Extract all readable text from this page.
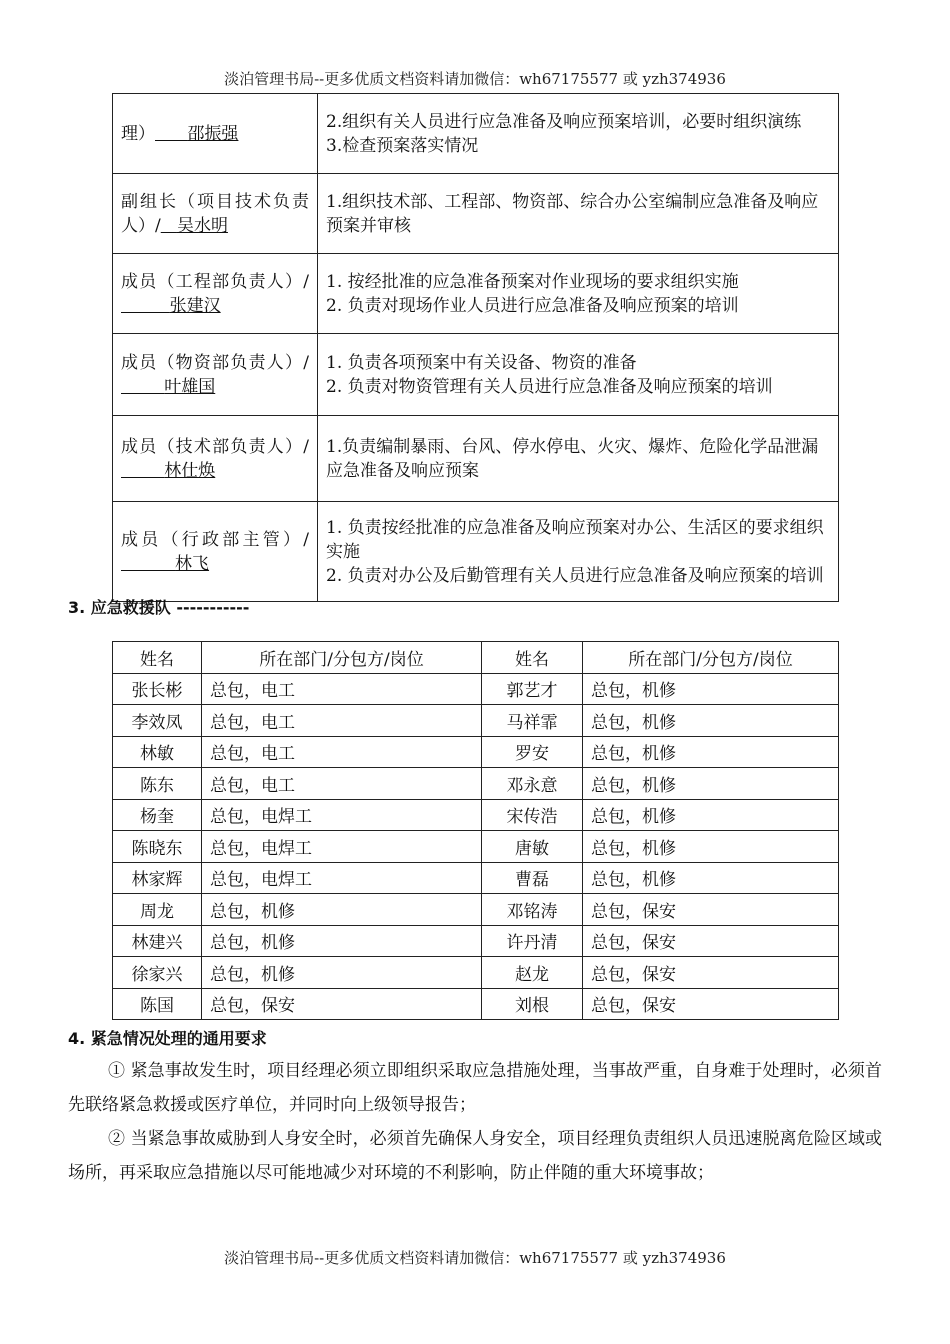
淡泊管理书局--更多优质文档资料请加微信：wh67175577 或 yzh374936
理） 邵振强	2.组织有关人员进行应急准备及响应预案培训，必要时组织演练
3.检查预案落实情况

副组长（项目技术负责人）/ 吴水明	1.组织技术部、工程部、物资部、综合办公室编制应急准备及响应预案并审核

成员（工程部负责人）/         张建汉	1. 按经批准的应急准备预案对作业现场的要求组织实施
2. 负责对现场作业人员进行应急准备及响应预案的培训

成员（物资部负责人）/        叶雄国	1. 负责各项预案中有关设备、物资的准备
2. 负责对物资管理有关人员进行应急准备及响应预案的培训

成员（技术部负责人）/        林仕焕	1.负责编制暴雨、台风、停水停电、火灾、爆炸、危险化学品泄漏应急准备及响应预案

成员（行政部主管）/          林飞	1. 负责按经批准的应急准备及响应预案对办公、生活区的要求组织实施
2. 负责对办公及后勤管理有关人员进行应急准备及响应预案的培训
3. 应急救援队 -----------
姓名	所在部门/分包方/岗位	姓名	所在部门/分包方/岗位
张长彬	总包，电工	郭艺才	总包，机修
李效凤	总包，电工	马祥霏	总包，机修
林敏	总包，电工	罗安	总包，机修
陈东	总包，电工	邓永意	总包，机修
杨奎	总包，电焊工	宋传浩	总包，机修
陈晓东	总包，电焊工	唐敏	总包，机修
林家辉	总包，电焊工	曹磊	总包，机修
周龙	总包，机修	邓铭涛	总包，保安
林建兴	总包，机修	许丹清	总包，保安
徐家兴	总包，机修	赵龙	总包，保安
陈国	总包，保安	刘根	总包，保安
4. 紧急情况处理的通用要求
① 紧急事故发生时，项目经理必须立即组织采取应急措施处理，当事故严重，自身难于处理时，必须首先联络紧急救援或医疗单位，并同时向上级领导报告；
② 当紧急事故威胁到人身安全时，必须首先确保人身安全，项目经理负责组织人员迅速脱离危险区域或场所，再采取应急措施以尽可能地减少对环境的不利影响，防止伴随的重大环境事故；
淡泊管理书局--更多优质文档资料请加微信：wh67175577 或 yzh374936
